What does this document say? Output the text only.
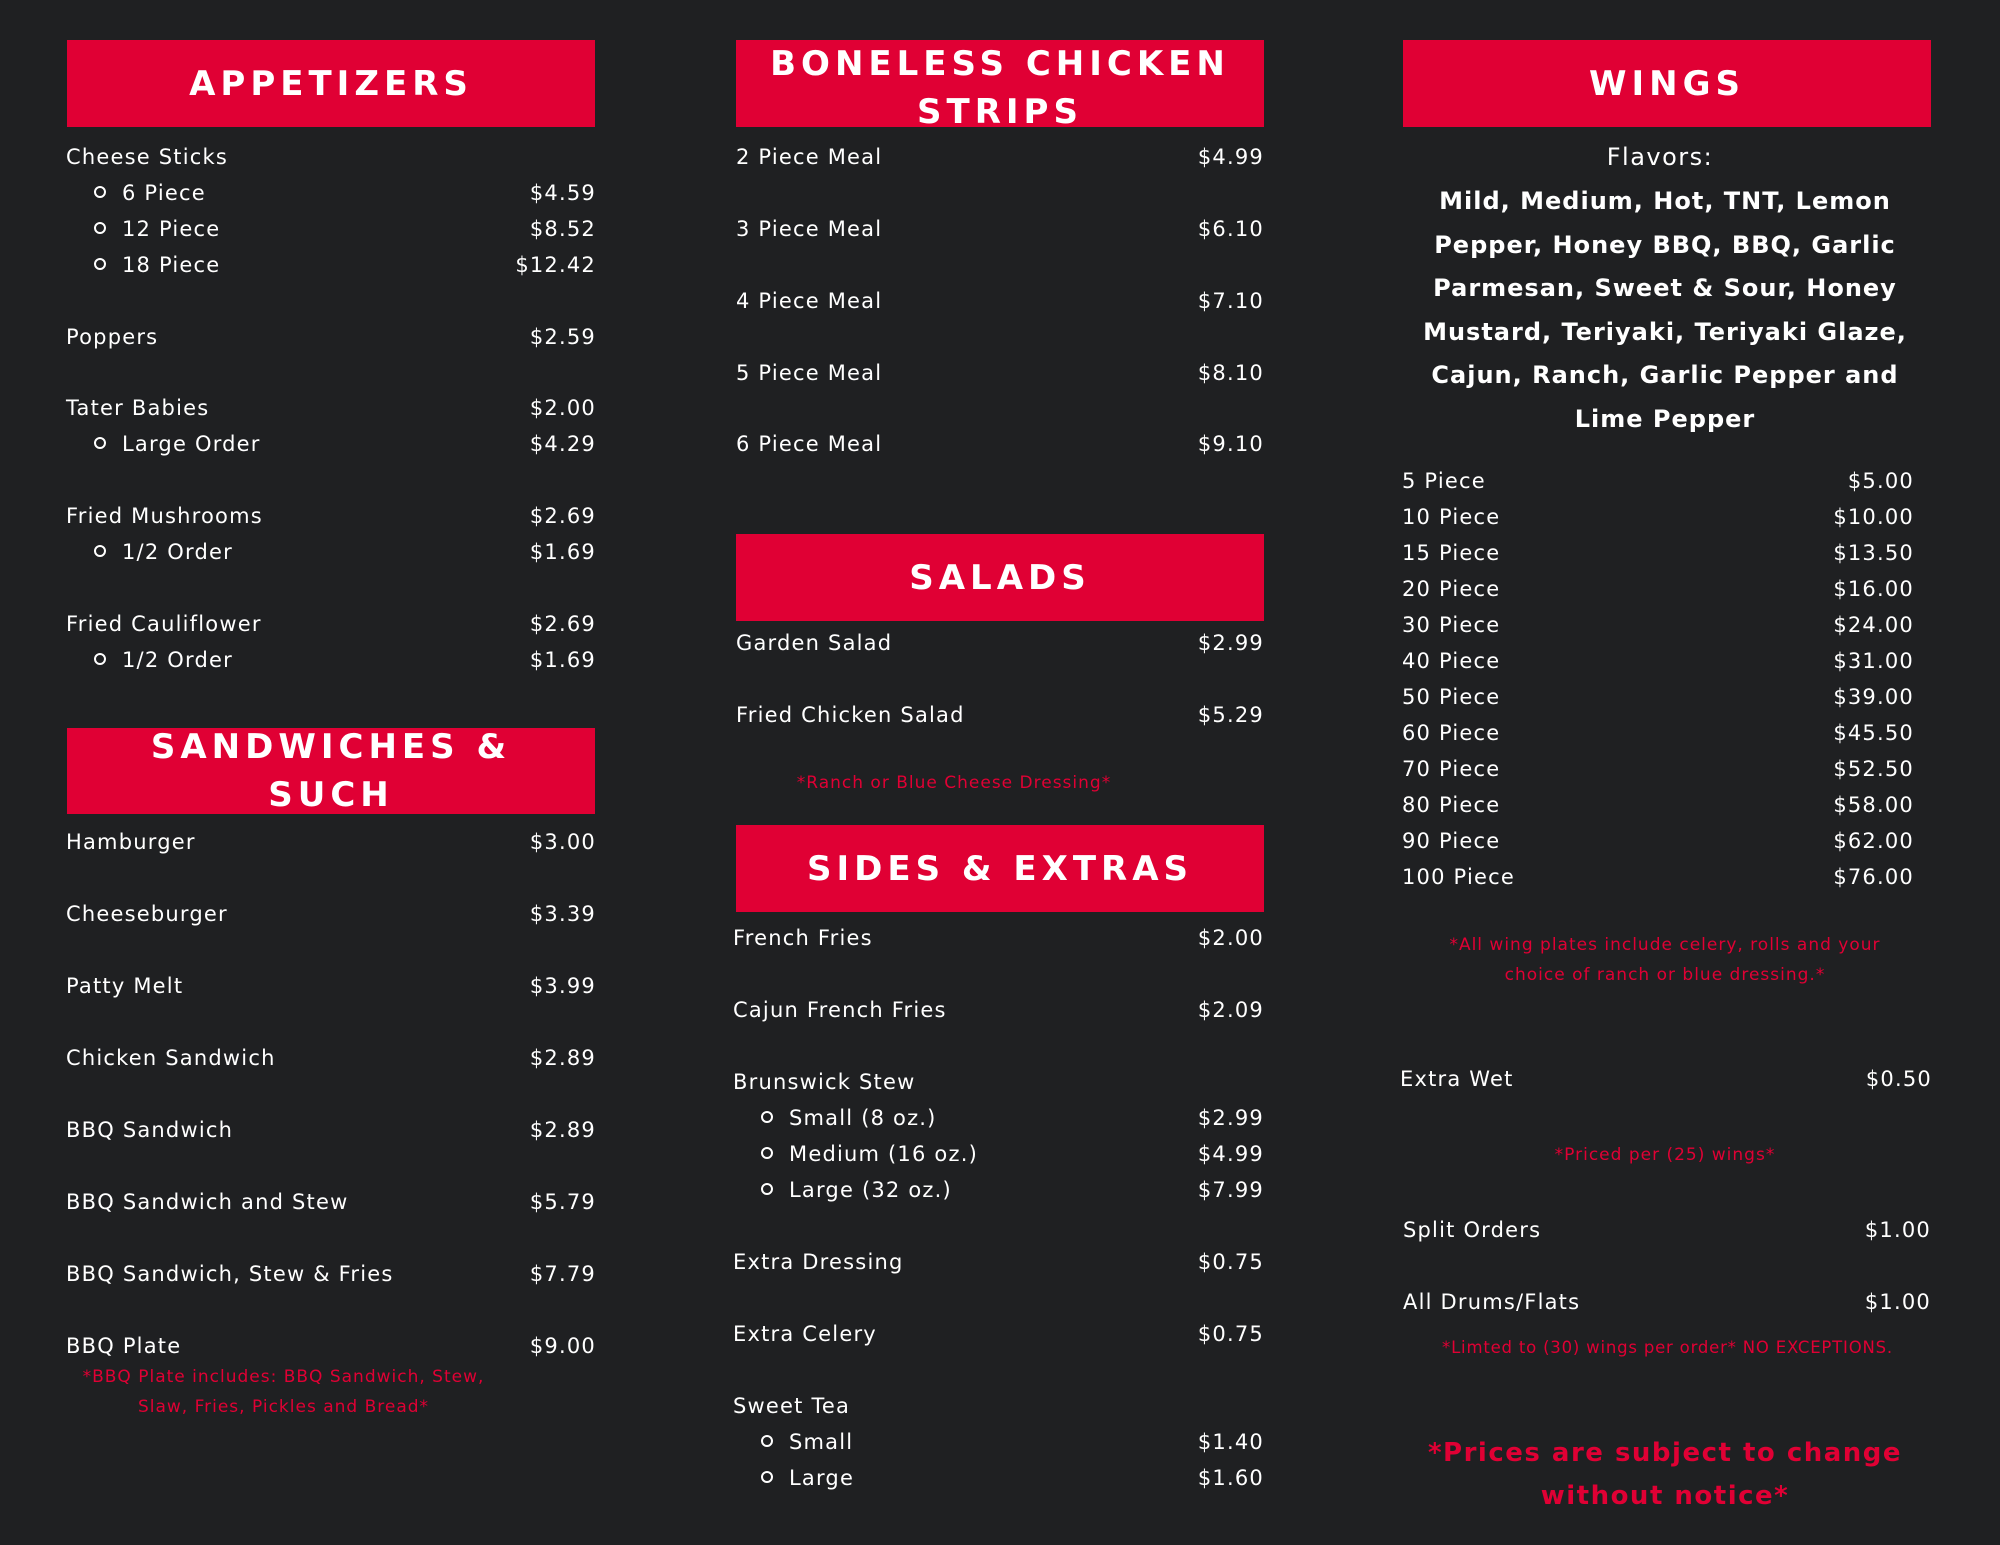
APPETIZERS
Cheese Sticks
6 Piece	$4.59
12 Piece	$8.52
18 Piece	$12.42
Poppers	$2.59
Tater Babies	$2.00
Large Order	$4.29
Fried Mushrooms	$2.69
1/2 Order	$1.69
Fried Cauliflower	$2.69
1/2 Order	$1.69
SANDWICHES &
SUCH
Hamburger	$3.00
Cheeseburger	$3.39
Patty Melt	$3.99
Chicken Sandwich	$2.89
BBQ Sandwich	$2.89
BBQ Sandwich and Stew	$5.79
BBQ Sandwich, Stew & Fries	$7.79
BBQ Plate	$9.00
*BBQ Plate includes: BBQ Sandwich, Stew,
Slaw, Fries, Pickles and Bread*
BONELESS CHICKEN
STRIPS
2 Piece Meal	$4.99
3 Piece Meal	$6.10
4 Piece Meal	$7.10
5 Piece Meal	$8.10
6 Piece Meal	$9.10
SALADS
Garden Salad	$2.99
Fried Chicken Salad	$5.29
*Ranch or Blue Cheese Dressing*
SIDES & EXTRAS
French Fries	$2.00
Cajun French Fries	$2.09
Brunswick Stew
Small (8 oz.)	$2.99
Medium (16 oz.)	$4.99
Large (32 oz.)	$7.99
Extra Dressing	$0.75
Extra Celery	$0.75
Sweet Tea
Small	$1.40
Large	$1.60
WINGS
Flavors:
Mild, Medium, Hot, TNT, Lemon
Pepper, Honey BBQ, BBQ, Garlic
Parmesan, Sweet & Sour, Honey
Mustard, Teriyaki, Teriyaki Glaze,
Cajun, Ranch, Garlic Pepper and
Lime Pepper
5 Piece	$5.00
10 Piece	$10.00
15 Piece	$13.50
20 Piece	$16.00
30 Piece	$24.00
40 Piece	$31.00
50 Piece	$39.00
60 Piece	$45.50
70 Piece	$52.50
80 Piece	$58.00
90 Piece	$62.00
100 Piece	$76.00
*All wing plates include celery, rolls and your
choice of ranch or blue dressing.*
Extra Wet	$0.50
*Priced per (25) wings*
Split Orders	$1.00
All Drums/Flats	$1.00
*Limted to (30) wings per order* NO EXCEPTIONS.
*Prices are subject to change
without notice*
